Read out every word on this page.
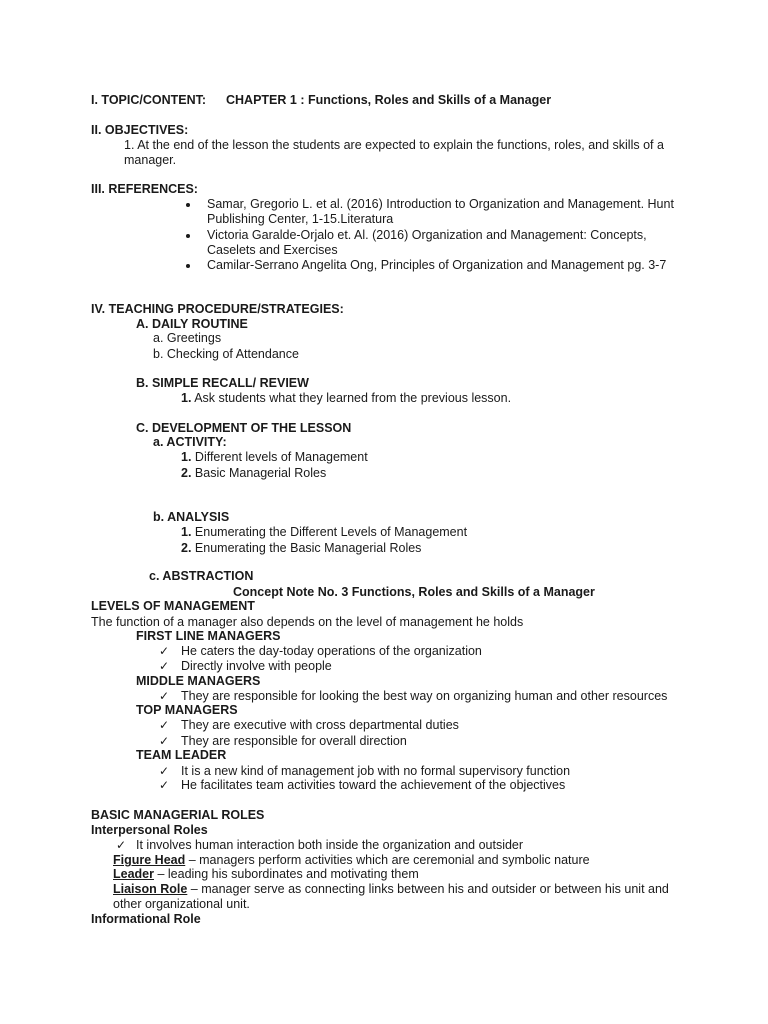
I. TOPIC/CONTENT: CHAPTER 1 : Functions, Roles and Skills of a Manager
II. OBJECTIVES:
1. At the end of the lesson the students are expected to explain the functions, roles, and skills of a
manager.
III. REFERENCES:
Samar, Gregorio L. et al. (2016) Introduction to Organization and Management. Hunt
Publishing Center, 1-15.Literatura
Victoria Garalde-Orjalo et. Al. (2016) Organization and Management: Concepts,
Caselets and Exercises
Camilar-Serrano Angelita Ong, Principles of Organization and Management pg. 3-7
IV. TEACHING PROCEDURE/STRATEGIES:
A. DAILY ROUTINE
a. Greetings
b. Checking of Attendance
B. SIMPLE RECALL/ REVIEW
1. Ask students what they learned from the previous lesson.
C. DEVELOPMENT OF THE LESSON
a. ACTIVITY:
1. Different levels of Management
2. Basic Managerial Roles
b. ANALYSIS
1. Enumerating the Different Levels of Management
2. Enumerating the Basic Managerial Roles
c. ABSTRACTION
Concept Note No. 3 Functions, Roles and Skills of a Manager
LEVELS OF MANAGEMENT
The function of a manager also depends on the level of management he holds
FIRST LINE MANAGERS
✓ He caters the day-today operations of the organization
✓ Directly involve with people
MIDDLE MANAGERS
✓ They are responsible for looking the best way on organizing human and other resources
TOP MANAGERS
✓ They are executive with cross departmental duties
✓ They are responsible for overall direction
TEAM LEADER
✓ It is a new kind of management job with no formal supervisory function
✓ He facilitates team activities toward the achievement of the objectives
BASIC MANAGERIAL ROLES
Interpersonal Roles
✓ It involves human interaction both inside the organization and outsider
Figure Head – managers perform activities which are ceremonial and symbolic nature
Leader – leading his subordinates and motivating them
Liaison Role – manager serve as connecting links between his and outsider or between his unit and
other organizational unit.
Informational Role
